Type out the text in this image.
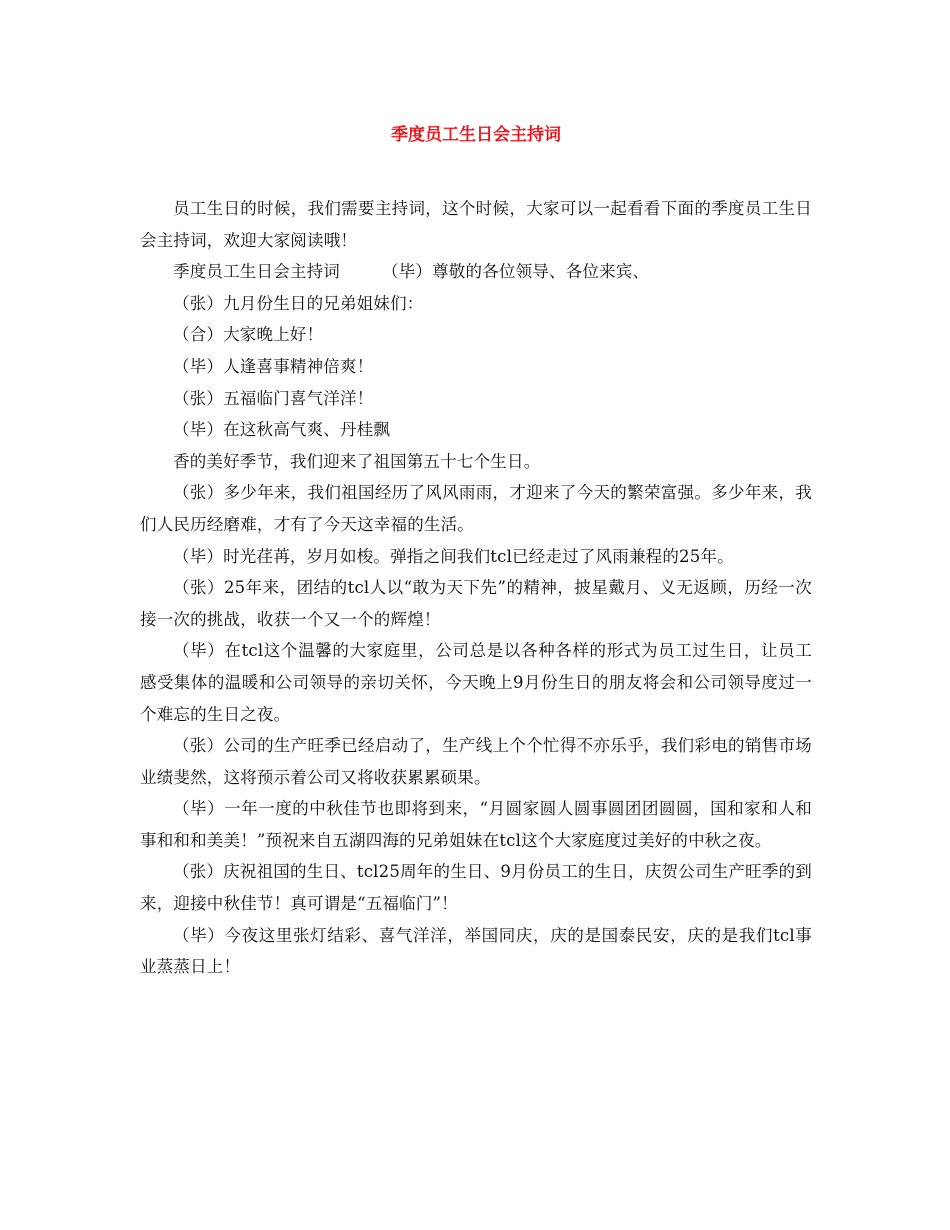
季度员工生日会主持词

员工生日的时候，我们需要主持词，这个时候，大家可以一起看看下面的季度员工生日会主持词，欢迎大家阅读哦！

季度员工生日会主持词	（毕）尊敬的各位领导、各位来宾、

（张）九月份生日的兄弟姐妹们：

（合）大家晚上好！

（毕）人逢喜事精神倍爽！

（张）五福临门喜气洋洋！

（毕）在这秋高气爽、丹桂飘

香的美好季节，我们迎来了祖国第五十七个生日。

（张）多少年来，我们祖国经历了风风雨雨，才迎来了今天的繁荣富强。多少年来，我们人民历经磨难，才有了今天这幸福的生活。

（毕）时光荏苒，岁月如梭。弹指之间我们tcl已经走过了风雨兼程的25年。

（张）25年来，团结的tcl人以“敢为天下先”的精神，披星戴月、义无返顾，历经一次接一次的挑战，收获一个又一个的辉煌！

（毕）在tcl这个温馨的大家庭里，公司总是以各种各样的形式为员工过生日，让员工感受集体的温暖和公司领导的亲切关怀，今天晚上9月份生日的朋友将会和公司领导度过一个难忘的生日之夜。

（张）公司的生产旺季已经启动了，生产线上个个忙得不亦乐乎，我们彩电的销售市场业绩斐然，这将预示着公司又将收获累累硕果。

（毕）一年一度的中秋佳节也即将到来，“月圆家圆人圆事圆团团圆圆，国和家和人和事和和和美美！”预祝来自五湖四海的兄弟姐妹在tcl这个大家庭度过美好的中秋之夜。

（张）庆祝祖国的生日、tcl25周年的生日、9月份员工的生日，庆贺公司生产旺季的到来，迎接中秋佳节！真可谓是“五福临门”！

（毕）今夜这里张灯结彩、喜气洋洋，举国同庆，庆的是国泰民安，庆的是我们tcl事业蒸蒸日上！
